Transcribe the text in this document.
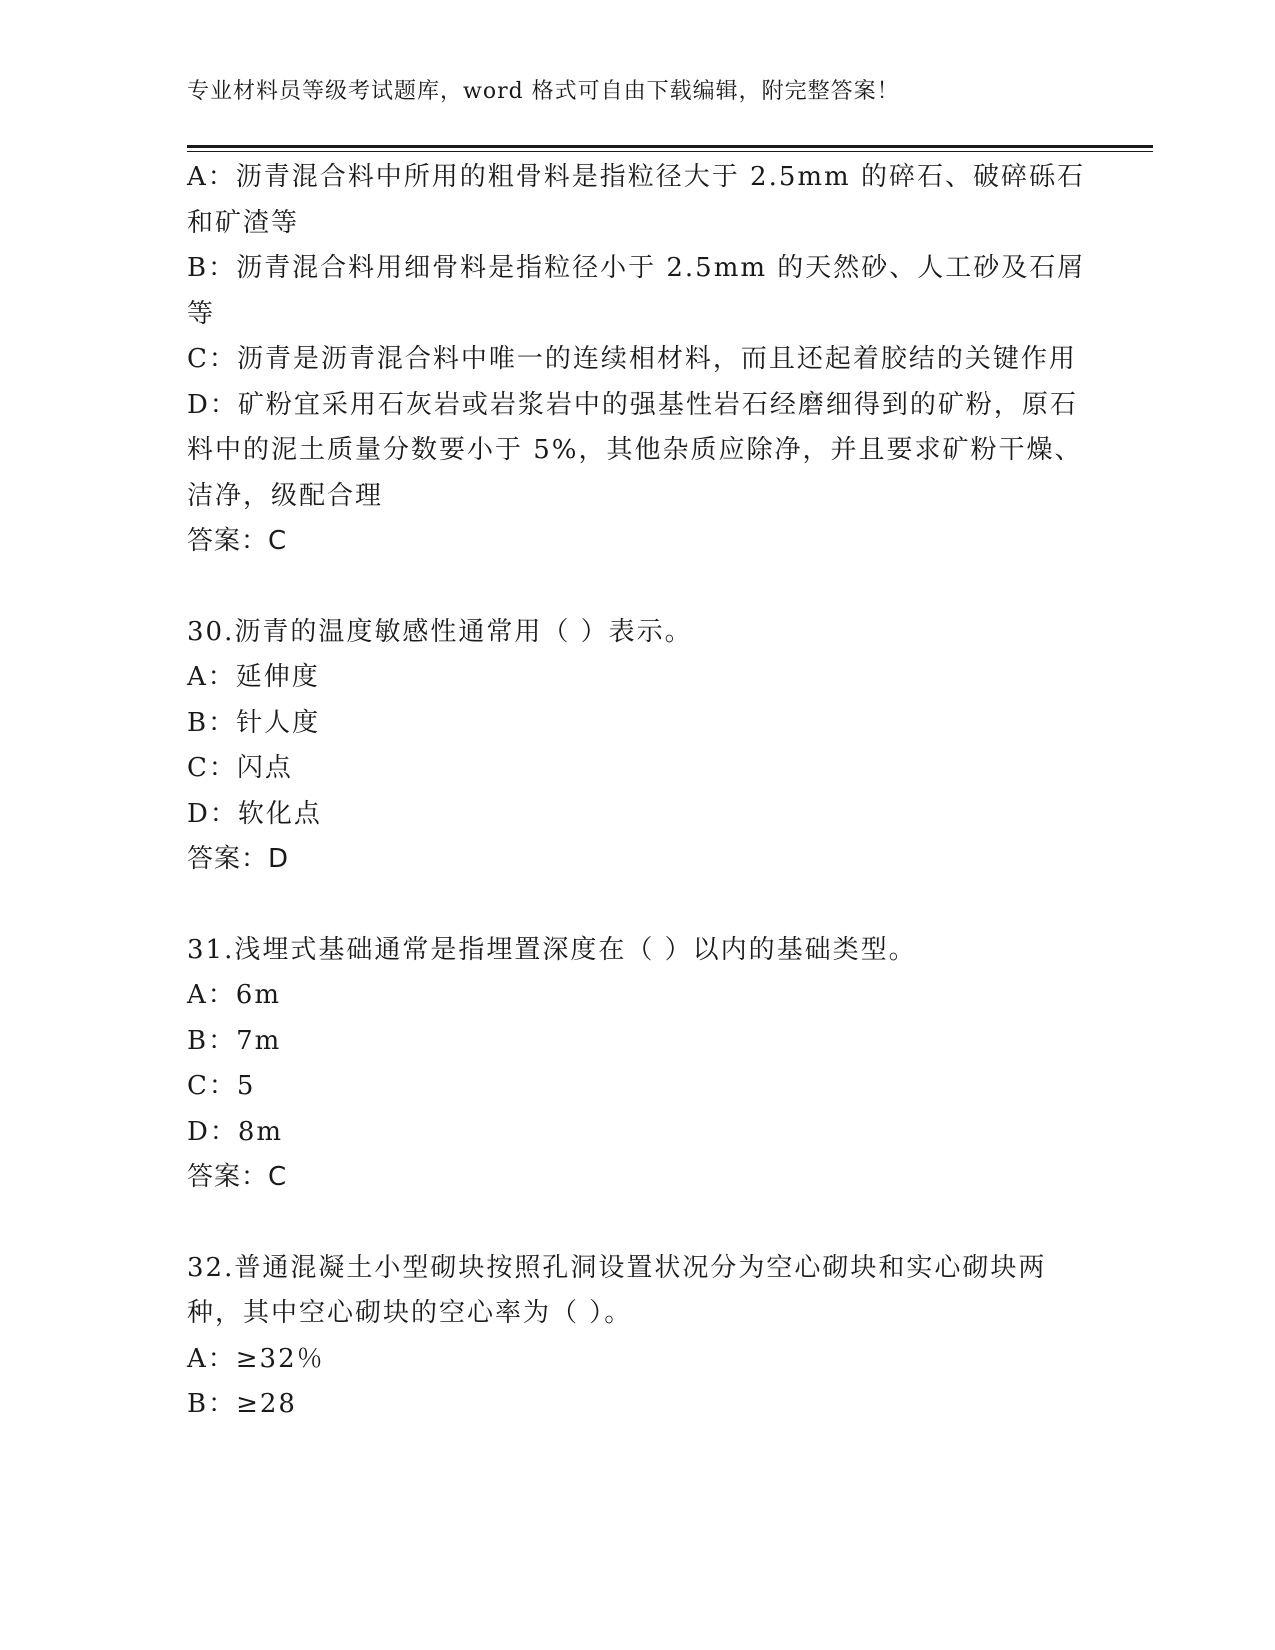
专业材料员等级考试题库，word 格式可自由下载编辑，附完整答案！

A：沥青混合料中所用的粗骨料是指粒径大于 2.5mm 的碎石、破碎砾石和矿渣等

B：沥青混合料用细骨料是指粒径小于 2.5mm 的天然砂、人工砂及石屑等

C：沥青是沥青混合料中唯一的连续相材料，而且还起着胶结的关键作用

D：矿粉宜采用石灰岩或岩浆岩中的强基性岩石经磨细得到的矿粉，原石料中的泥土质量分数要小于 5%，其他杂质应除净，并且要求矿粉干燥、洁净，级配合理

答案：C

30.沥青的温度敏感性通常用（ ）表示。

A：延伸度

B：针人度

C：闪点

D：软化点

答案：D

31.浅埋式基础通常是指埋置深度在（ ）以内的基础类型。

A：6m

B：7m

C：5

D：8m

答案：C

32.普通混凝土小型砌块按照孔洞设置状况分为空心砌块和实心砌块两种，其中空心砌块的空心率为（ ）。

A：≥32％

B：≥28
